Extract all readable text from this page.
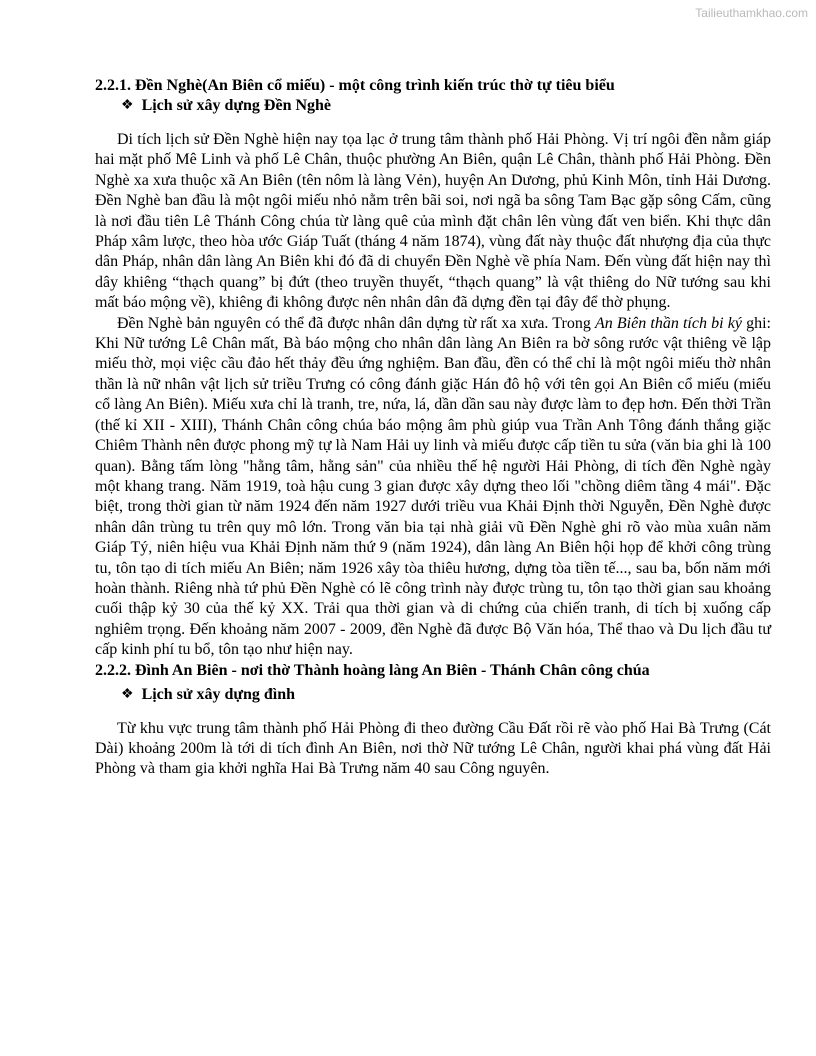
Tailieuthamkhao.com
2.2.1. Đền Nghè(An Biên cổ miếu) - một công trình kiến trúc thờ tự tiêu biểu
❖ Lịch sử xây dựng Đền Nghè

Di tích lịch sử Đền Nghè hiện nay tọa lạc ở trung tâm thành phố Hải Phòng. Vị trí ngôi đền nằm giáp hai mặt phố Mê Linh và phố Lê Chân, thuộc phường An Biên, quận Lê Chân, thành phố Hải Phòng. Đền Nghè xa xưa thuộc xã An Biên (tên nôm là làng Vẻn), huyện An Dương, phủ Kinh Môn, tỉnh Hải Dương. Đền Nghè ban đầu là một ngôi miếu nhỏ nằm trên bãi soi, nơi ngã ba sông Tam Bạc gặp sông Cấm, cũng là nơi đầu tiên Lê Thánh Công chúa từ làng quê của mình đặt chân lên vùng đất ven biển. Khi thực dân Pháp xâm lược, theo hòa ước Giáp Tuất (tháng 4 năm 1874), vùng đất này thuộc đất nhượng địa của thực dân Pháp, nhân dân làng An Biên khi đó đã di chuyển Đền Nghè về phía Nam. Đến vùng đất hiện nay thì dây khiêng “thạch quang” bị đứt (theo truyền thuyết, “thạch quang” là vật thiêng do Nữ tướng sau khi mất báo mộng về), khiêng đi không được nên nhân dân đã dựng đền tại đây để thờ phụng.

Đền Nghè bản nguyên có thể đã được nhân dân dựng từ rất xa xưa. Trong An Biên thần tích bi ký ghi: Khi Nữ tướng Lê Chân mất, Bà báo mộng cho nhân dân làng An Biên ra bờ sông rước vật thiêng về lập miếu thờ, mọi việc cầu đảo hết thảy đều ứng nghiệm. Ban đầu, đền có thể chỉ là một ngôi miếu thờ nhân thần là nữ nhân vật lịch sử triều Trưng có công đánh giặc Hán đô hộ với tên gọi An Biên cổ miếu (miếu cổ làng An Biên). Miếu xưa chỉ là tranh, tre, nứa, lá, dần dần sau này được làm to đẹp hơn. Đến thời Trần (thế kỉ XII - XIII), Thánh Chân công chúa báo mộng âm phù giúp vua Trần Anh Tông đánh thắng giặc Chiêm Thành nên được phong mỹ tự là Nam Hải uy linh và miếu được cấp tiền tu sửa (văn bia ghi là 100 quan). Bằng tấm lòng "hằng tâm, hằng sản" của nhiều thế hệ người Hải Phòng, di tích đền Nghè ngày một khang trang. Năm 1919, toà hậu cung 3 gian được xây dựng theo lối "chồng diêm tầng 4 mái". Đặc biệt, trong thời gian từ năm 1924 đến năm 1927 dưới triều vua Khải Định thời Nguyễn, Đền Nghè được nhân dân trùng tu trên quy mô lớn. Trong văn bia tại nhà giải vũ Đền Nghè ghi rõ vào mùa xuân năm Giáp Tý, niên hiệu vua Khải Định năm thứ 9 (năm 1924), dân làng An Biên hội họp để khởi công trùng tu, tôn tạo di tích miếu An Biên; năm 1926 xây tòa thiêu hương, dựng tòa tiền tế..., sau ba, bốn năm mới hoàn thành. Riêng nhà tứ phủ Đền Nghè có lẽ công trình này được trùng tu, tôn tạo thời gian sau khoảng cuối thập kỷ 30 của thế kỷ XX. Trải qua thời gian và di chứng của chiến tranh, di tích bị xuống cấp nghiêm trọng. Đến khoảng năm 2007 - 2009, đền Nghè đã được Bộ Văn hóa, Thể thao và Du lịch đầu tư cấp kinh phí tu bổ, tôn tạo như hiện nay.

2.2.2. Đình An Biên - nơi thờ Thành hoàng làng An Biên - Thánh Chân công chúa
❖ Lịch sử xây dựng đình

Từ khu vực trung tâm thành phố Hải Phòng đi theo đường Cầu Đất rồi rẽ vào phố Hai Bà Trưng (Cát Dài) khoảng 200m là tới di tích đình An Biên, nơi thờ Nữ tướng Lê Chân, người khai phá vùng đất Hải Phòng và tham gia khởi nghĩa Hai Bà Trưng năm 40 sau Công nguyên.
